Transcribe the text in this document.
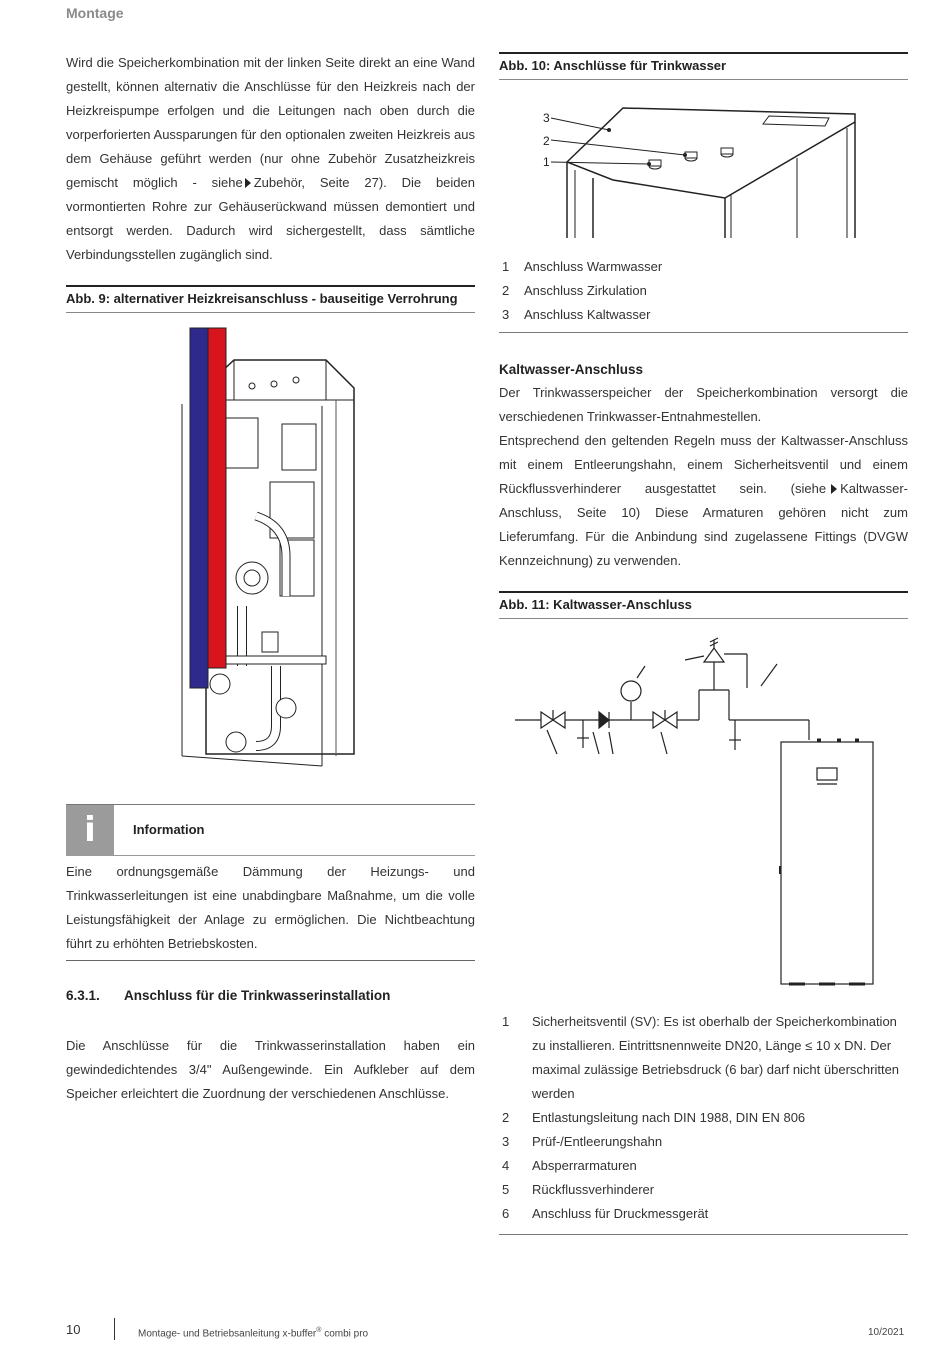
Montage

Wird die Speicherkombination mit der linken Seite direkt an eine Wand gestellt, können alternativ die Anschlüsse für den Heizkreis nach der Heizkreispumpe erfolgen und die Leitungen nach oben durch die vorperforierten Aussparungen für den optionalen zweiten Heizkreis aus dem Gehäuse geführt werden (nur ohne Zubehör Zusatzheizkreis gemischt möglich - siehe Zubehör, Seite 27). Die beiden vormontierten Rohre zur Gehäuserückwand müssen demontiert und entsorgt werden. Dadurch wird sichergestellt, dass sämtliche Verbindungsstellen zugänglich sind.

Abb. 9: alternativer Heizkreisanschluss - bauseitige Verrohrung
i	Information
Eine ordnungsgemäße Dämmung der Heizungs- und Trinkwasserleitungen ist eine unabdingbare Maßnahme, um die volle Leistungsfähigkeit der Anlage zu ermöglichen. Die Nichtbeachtung führt zu erhöhten Betriebskosten.
6.3.1. Anschluss für die Trinkwasserinstallation
Die Anschlüsse für die Trinkwasserinstallation haben ein gewindedichtendes 3/4" Außengewinde. Ein Aufkleber auf dem Speicher erleichtert die Zuordnung der verschiedenen Anschlüsse.
Abb. 10: Anschlüsse für Trinkwasser
3
2
1
1	Anschluss Warmwasser
2	Anschluss Zirkulation
3	Anschluss Kaltwasser
Kaltwasser-Anschluss

Der Trinkwasserspeicher der Speicherkombination versorgt die verschiedenen Trinkwasser-Entnahmestellen.

Entsprechend den geltenden Regeln muss der Kaltwasser-Anschluss mit einem Entleerungshahn, einem Sicherheitsventil und einem Rückflussverhinderer ausgestattet sein. (siehe Kaltwasser-Anschluss, Seite 10) Diese Armaturen gehören nicht zum Lieferumfang. Für die Anbindung sind zugelassene Fittings (DVGW Kennzeichnung) zu verwenden.

Abb. 11: Kaltwasser-Anschluss
1	Sicherheitsventil (SV): Es ist oberhalb der Speicherkombination zu installieren. Eintrittsnennweite DN20, Länge ≤ 10 x DN. Der maximal zulässige Betriebsdruck (6 bar) darf nicht überschritten werden
2	Entlastungsleitung nach DIN 1988, DIN EN 806
3	Prüf-/Entleerungshahn
4	Absperrarmaturen
5	Rückflussverhinderer
6	Anschluss für Druckmessgerät
10	Montage- und Betriebsanleitung x-buffer® combi pro	10/2021
